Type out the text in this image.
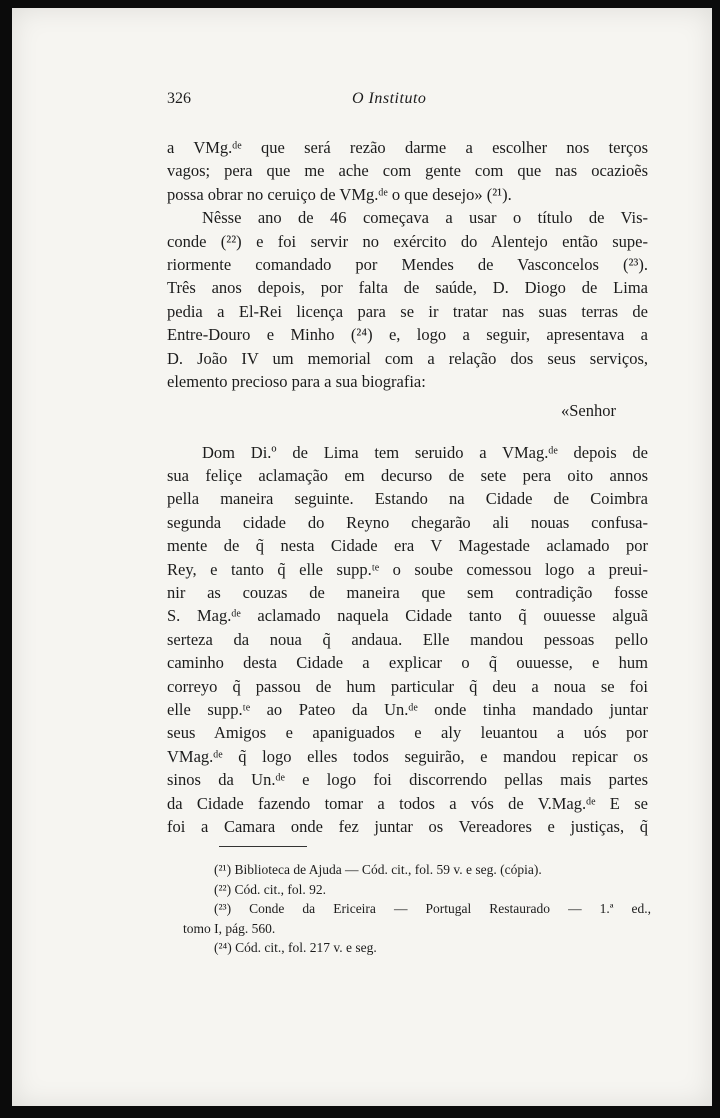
326	O Instituto
a VMg.ᵈᵉ que será rezão darme a escolher nos terços
vagos; pera que me ache com gente com que nas ocazioẽs
possa obrar no ceruiço de VMg.ᵈᵉ o que desejo» (²¹).
Nêsse ano de 46 começava a usar o título de Vis-
conde (²²) e foi servir no exército do Alentejo então supe-
riormente comandado por Mendes de Vasconcelos (²³).
Três anos depois, por falta de saúde, D. Diogo de Lima
pedia a El-Rei licença para se ir tratar nas suas terras de
Entre-Douro e Minho (²⁴) e, logo a seguir, apresentava a
D. João IV um memorial com a relação dos seus serviços,
elemento precioso para a sua biografia:
«Senhor
Dom Di.º de Lima tem seruido a VMag.ᵈᵉ depois de
sua feliçe aclamação em decurso de sete pera oito annos
pella maneira seguinte. Estando na Cidade de Coimbra
segunda cidade do Reyno chegarão ali nouas confusa-
mente de q̃ nesta Cidade era V Magestade aclamado por
Rey, e tanto q̃ elle supp.ᵗᵉ o soube comessou logo a preui-
nir as couzas de maneira que sem contradição fosse
S. Mag.ᵈᵉ aclamado naquela Cidade tanto q̃ ouuesse alguã
serteza da noua q̃ andaua. Elle mandou pessoas pello
caminho desta Cidade a explicar o q̃ ouuesse, e hum
correyo q̃ passou de hum particular q̃ deu a noua se foi
elle supp.ᵗᵉ ao Pateo da Un.ᵈᵉ onde tinha mandado juntar
seus Amigos e apaniguados e aly leuantou a uós por
VMag.ᵈᵉ q̃ logo elles todos seguirão, e mandou repicar os
sinos da Un.ᵈᵉ e logo foi discorrendo pellas mais partes
da Cidade fazendo tomar a todos a vós de V.Mag.ᵈᵉ E se
foi a Camara onde fez juntar os Vereadores e justiças, q̃
(²¹) Biblioteca de Ajuda — Cód. cit., fol. 59 v. e seg. (cópia).
(²²) Cód. cit., fol. 92.
(²³) Conde da Ericeira — Portugal Restaurado — 1.ª ed.,
tomo I, pág. 560.
(²⁴) Cód. cit., fol. 217 v. e seg.
